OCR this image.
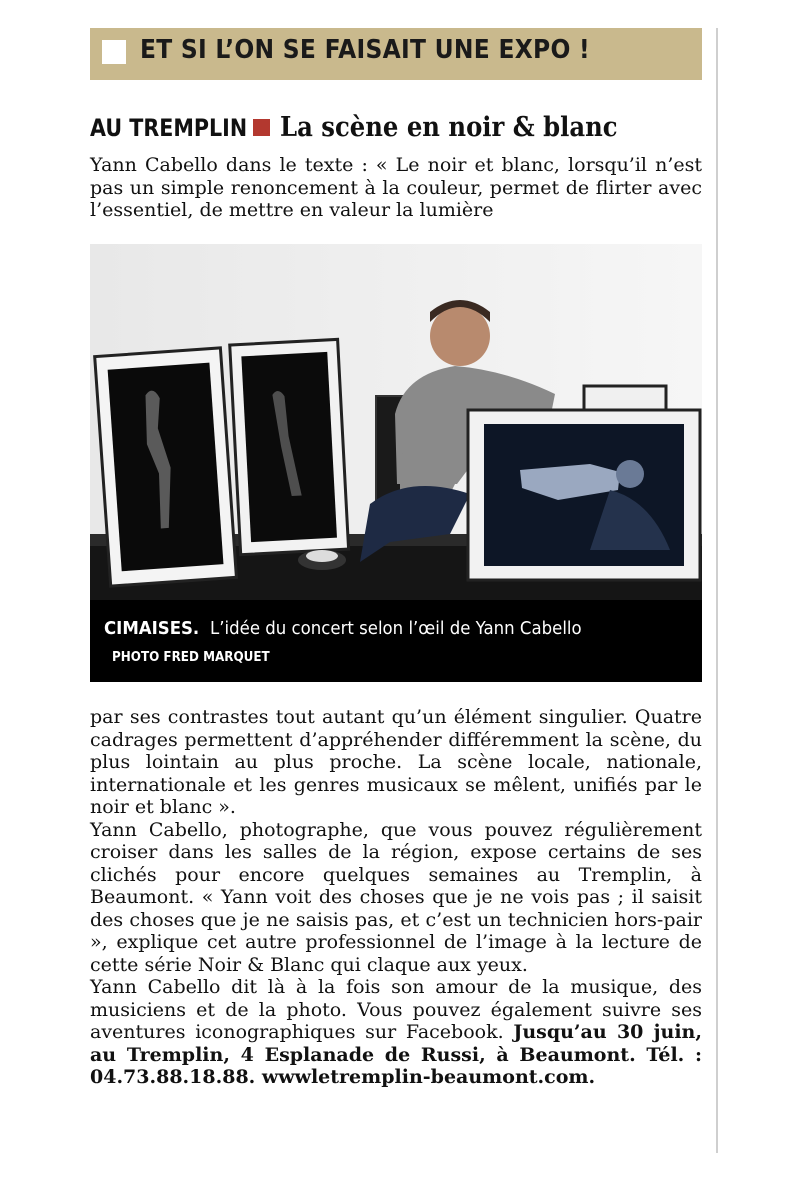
ET SI L’ON SE FAISAIT UNE EXPO !
AU TREMPLIN La scène en noir & blanc

Yann Cabello dans le texte : « Le noir et blanc, lorsqu’il n’est pas un simple renoncement à la couleur, permet de flirter avec l’essentiel, de mettre en valeur la lumière

CIMAISES. L’idée du concert selon l’œil de Yann Cabello
PHOTO FRED MARQUET

par ses contrastes tout autant qu’un élément singulier. Quatre cadrages permettent d’appréhender différemment la scène, du plus lointain au plus proche. La scène locale, nationale, internationale et les genres musicaux se mêlent, unifiés par le noir et blanc ».

Yann Cabello, photographe, que vous pouvez régulièrement croiser dans les salles de la région, expose certains de ses clichés pour encore quelques semaines au Tremplin, à Beaumont. « Yann voit des choses que je ne vois pas ; il saisit des choses que je ne saisis pas, et c’est un technicien hors-pair », explique cet autre professionnel de l’image à la lecture de cette série Noir & Blanc qui claque aux yeux.

Yann Cabello dit là à la fois son amour de la musique, des musiciens et de la photo. Vous pouvez également suivre ses aventures iconographiques sur Facebook. Jusqu’au 30 juin, au Tremplin, 4 Esplanade de Russi, à Beaumont. Tél. : 04.73.88.18.88. wwwletremplin-beaumont.com.
